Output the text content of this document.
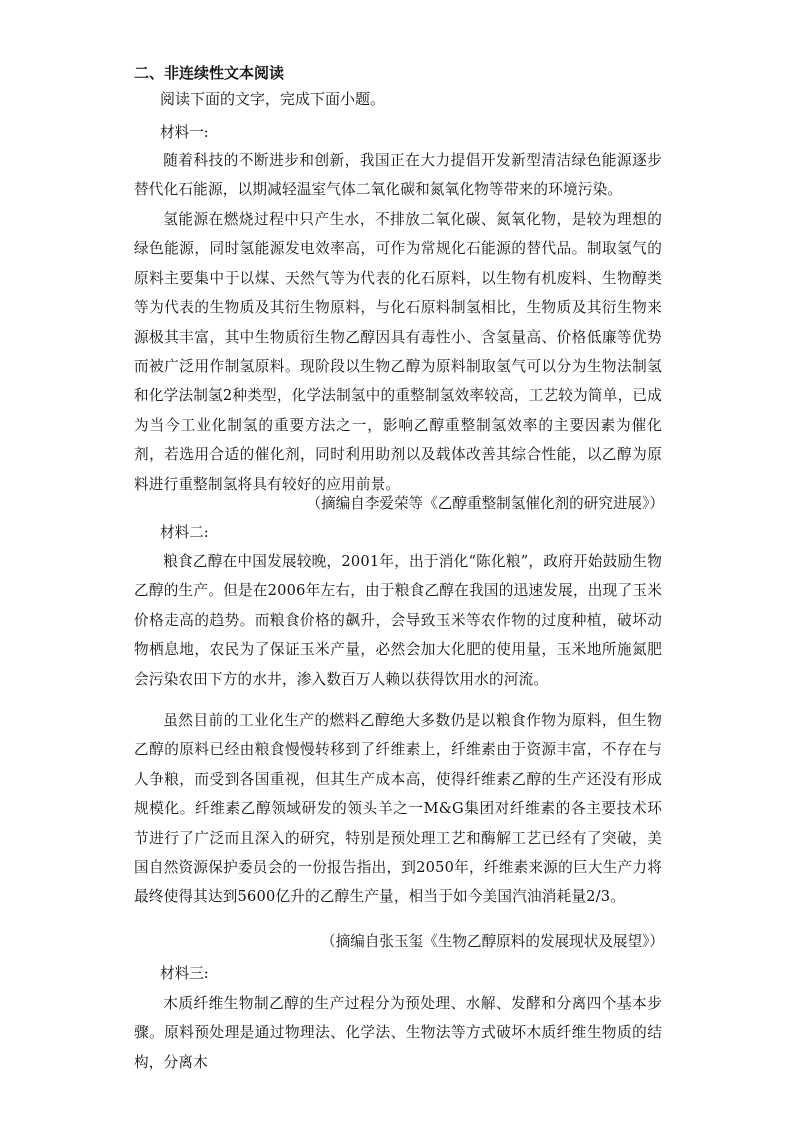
二、非连续性文本阅读

阅读下面的文字，完成下面小题。

材料一:

随着科技的不断进步和创新，我国正在大力提倡开发新型清洁绿色能源逐步替代化石能源，以期减轻温室气体二氧化碳和氮氧化物等带来的环境污染。

氢能源在燃烧过程中只产生水，不排放二氧化碳、氮氧化物，是较为理想的绿色能源，同时氢能源发电效率高，可作为常规化石能源的替代品。制取氢气的原料主要集中于以煤、天然气等为代表的化石原料，以生物有机废料、生物醇类等为代表的生物质及其衍生物原料，与化石原料制氢相比，生物质及其衍生物来源极其丰富，其中生物质衍生物乙醇因具有毒性小、含氢量高、价格低廉等优势而被广泛用作制氢原料。现阶段以生物乙醇为原料制取氢气可以分为生物法制氢和化学法制氢2种类型，化学法制氢中的重整制氢效率较高，工艺较为简单，已成为当今工业化制氢的重要方法之一，影响乙醇重整制氢效率的主要因素为催化剂，若选用合适的催化剂，同时利用助剂以及载体改善其综合性能，以乙醇为原料进行重整制氢将具有较好的应用前景。

（摘编自李爱荣等《乙醇重整制氢催化剂的研究进展》）

材料二:

粮食乙醇在中国发展较晚，2001年，出于消化“陈化粮”，政府开始鼓励生物乙醇的生产。但是在2006年左右，由于粮食乙醇在我国的迅速发展，出现了玉米价格走高的趋势。而粮食价格的飙升，会导致玉米等农作物的过度种植，破坏动物栖息地，农民为了保证玉米产量，必然会加大化肥的使用量，玉米地所施氮肥会污染农田下方的水井，渗入数百万人赖以获得饮用水的河流。

虽然目前的工业化生产的燃料乙醇绝大多数仍是以粮食作物为原料，但生物乙醇的原料已经由粮食慢慢转移到了纤维素上，纤维素由于资源丰富，不存在与人争粮，而受到各国重视，但其生产成本高，使得纤维素乙醇的生产还没有形成规模化。纤维素乙醇领域研发的领头羊之一M&G集团对纤维素的各主要技术环节进行了广泛而且深入的研究，特别是预处理工艺和酶解工艺已经有了突破，美国自然资源保护委员会的一份报告指出，到2050年，纤维素来源的巨大生产力将最终使得其达到5600亿升的乙醇生产量，相当于如今美国汽油消耗量2/3。

（摘编自张玉玺《生物乙醇原料的发展现状及展望》）

材料三:

木质纤维生物制乙醇的生产过程分为预处理、水解、发酵和分离四个基本步骤。原料预处理是通过物理法、化学法、生物法等方式破坏木质纤维生物质的结构，分离木
